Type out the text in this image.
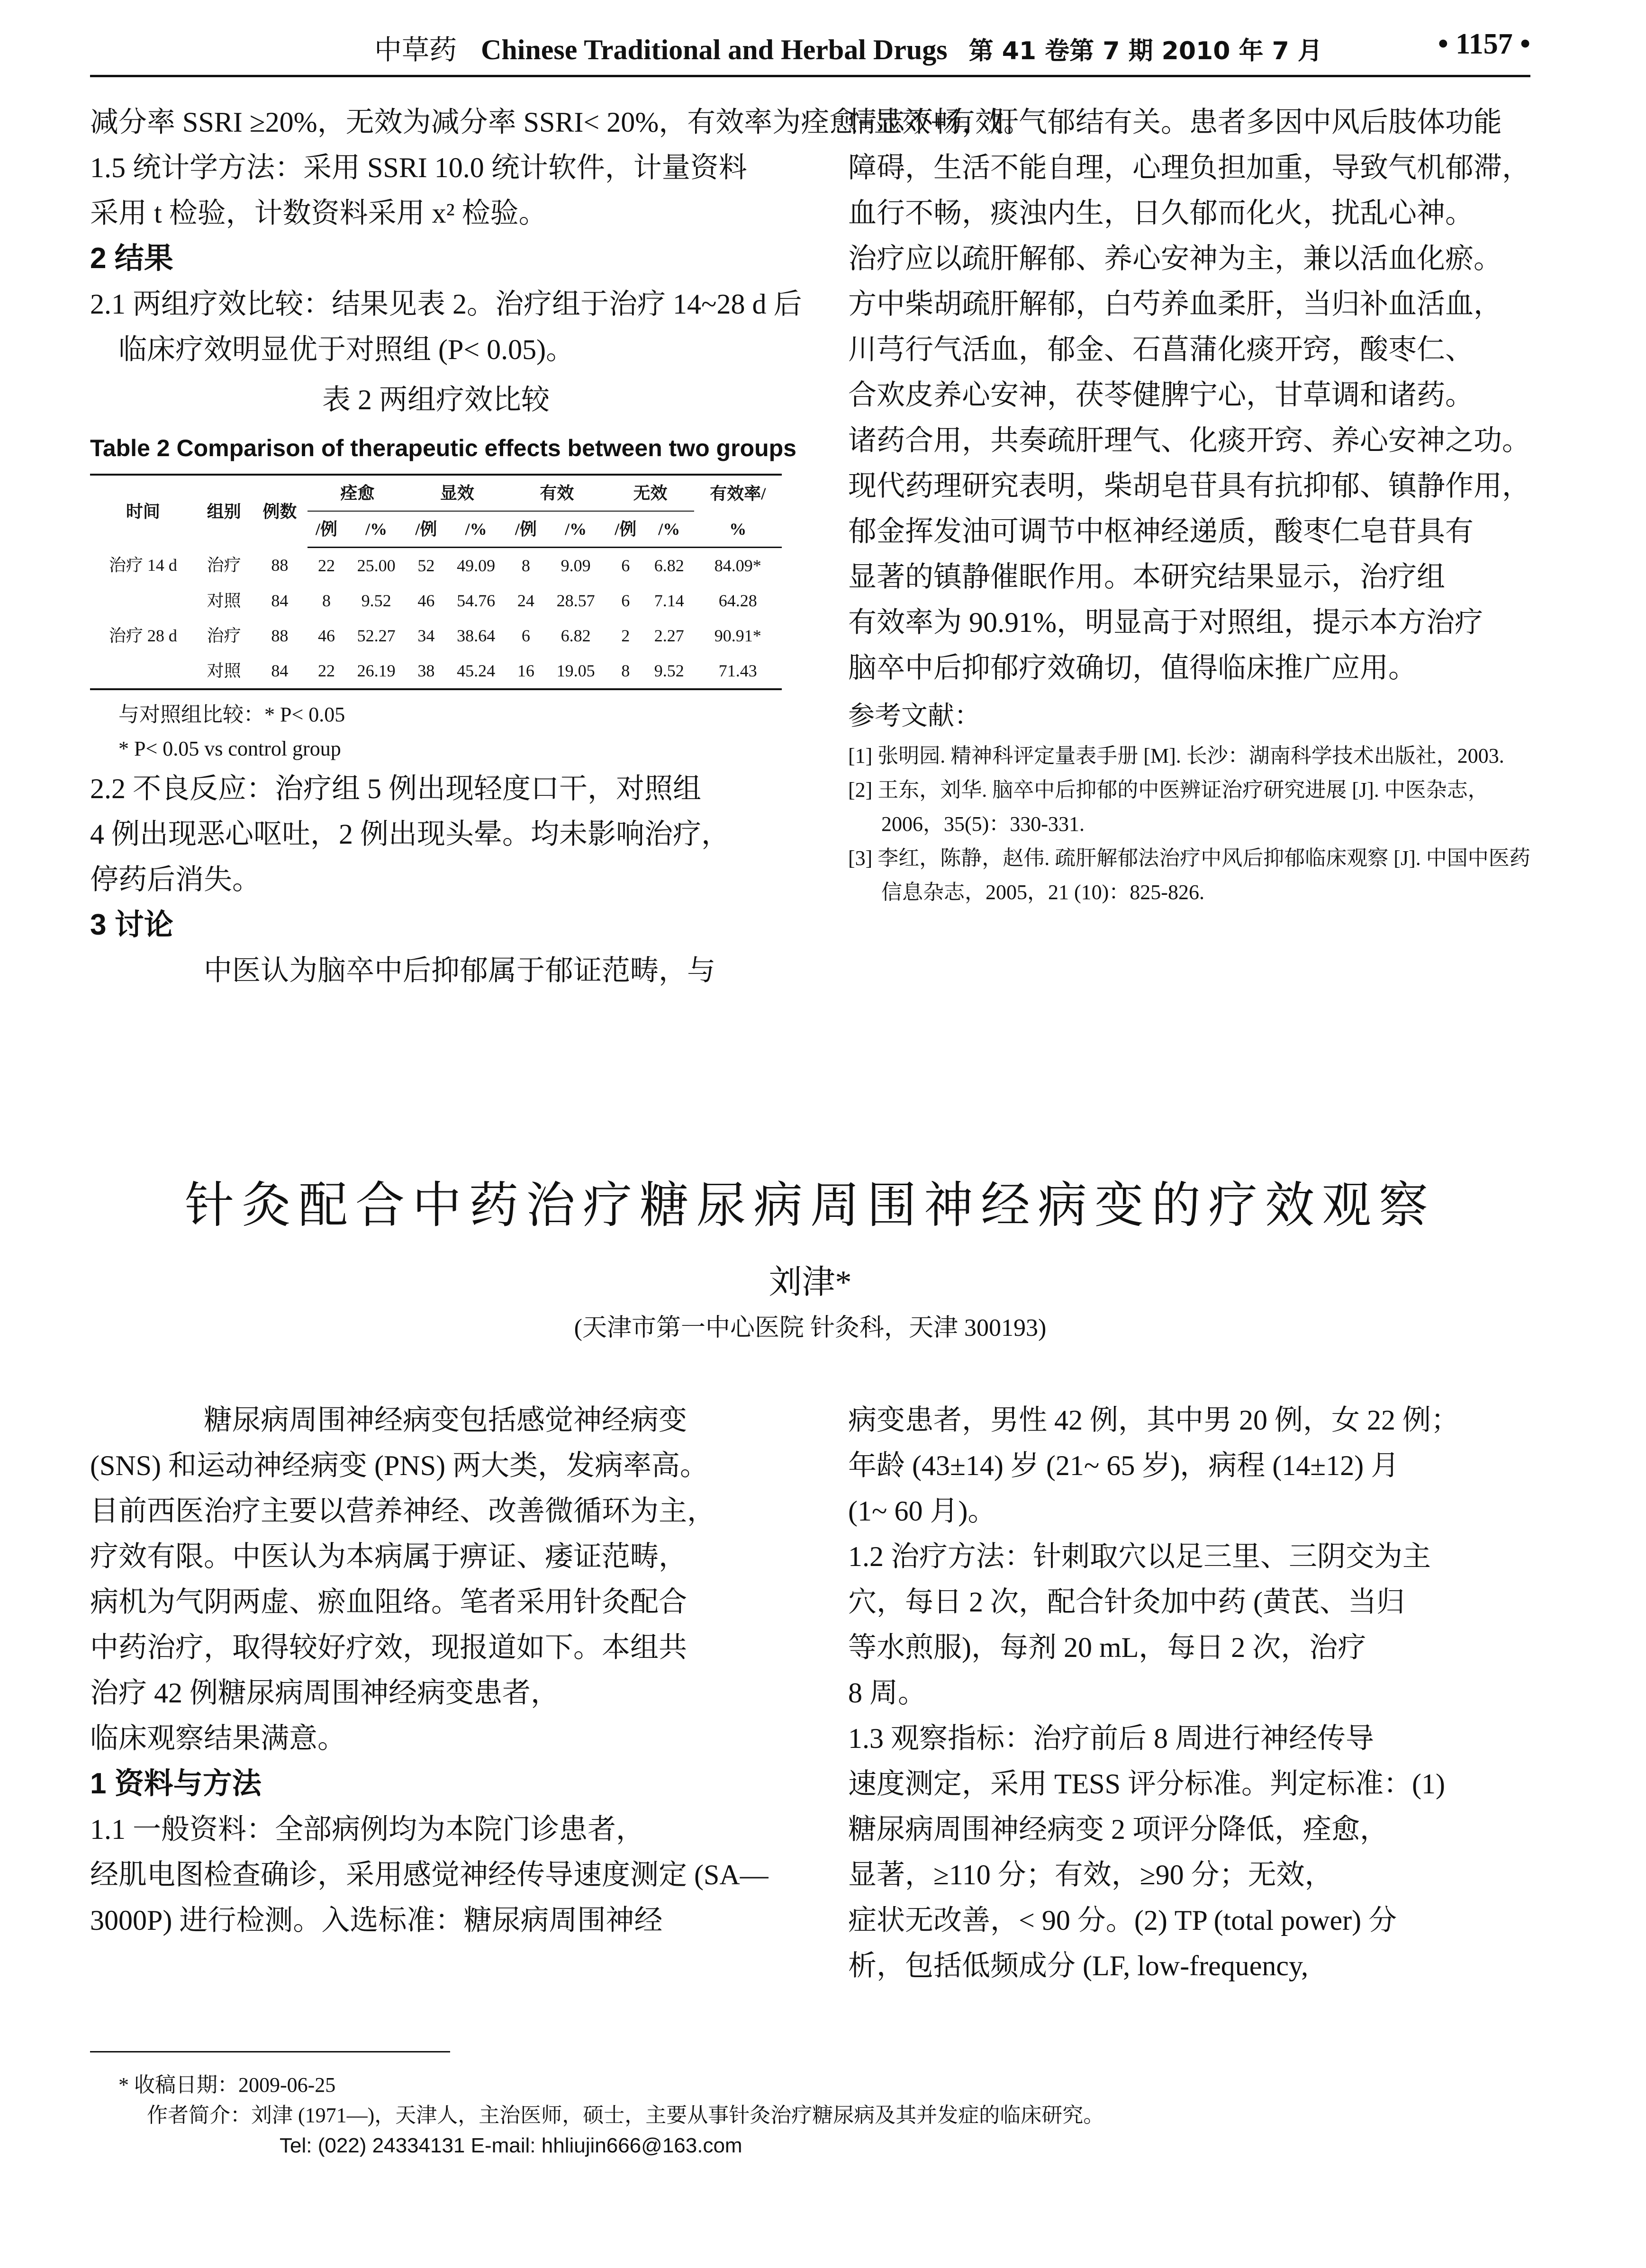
中草药 Chinese Traditional and Herbal Drugs 第 41 卷第 7 期 2010 年 7 月	• 1157 •
减分率 SSRI ≥20%，无效为减分率 SSRI< 20%，有效率为痊愈+显效+有效。
1.5 统计学方法：采用 SSRI 10.0 统计软件，计量资料
采用 t 检验，计数资料采用 x² 检验。
2 结果
2.1 两组疗效比较：结果见表 2。治疗组于治疗 14~28 d 后
临床疗效明显优于对照组 (P< 0.05)。
表 2 两组疗效比较
Table 2 Comparison of therapeutic effects between two groups
时间	组别	例数	痊愈		显效		有效		无效		有效率/
			/例	/%	/例	/%	/例	/%	/例	/%	%
治疗 14 d	治疗	88	22	25.00	52	49.09	8	9.09	6	6.82	84.09*
	对照	84	8	9.52	46	54.76	24	28.57	6	7.14	64.28
治疗 28 d	治疗	88	46	52.27	34	38.64	6	6.82	2	2.27	90.91*
	对照	84	22	26.19	38	45.24	16	19.05	8	9.52	71.43
与对照组比较：* P< 0.05
* P< 0.05 vs control group
2.2 不良反应：治疗组 5 例出现轻度口干，对照组
4 例出现恶心呕吐，2 例出现头晕。均未影响治疗，
停药后消失。
3 讨论
中医认为脑卒中后抑郁属于郁证范畴，与
情志不畅，肝气郁结有关。患者多因中风后肢体功能
障碍，生活不能自理，心理负担加重，导致气机郁滞，
血行不畅，痰浊内生，日久郁而化火，扰乱心神。
治疗应以疏肝解郁、养心安神为主，兼以活血化瘀。
方中柴胡疏肝解郁，白芍养血柔肝，当归补血活血，
川芎行气活血，郁金、石菖蒲化痰开窍，酸枣仁、
合欢皮养心安神，茯苓健脾宁心，甘草调和诸药。
诸药合用，共奏疏肝理气、化痰开窍、养心安神之功。
现代药理研究表明，柴胡皂苷具有抗抑郁、镇静作用，
郁金挥发油可调节中枢神经递质，酸枣仁皂苷具有
显著的镇静催眠作用。本研究结果显示，治疗组
有效率为 90.91%，明显高于对照组，提示本方治疗
脑卒中后抑郁疗效确切，值得临床推广应用。
参考文献：
[1] 张明园. 精神科评定量表手册 [M]. 长沙：湖南科学技术出版社，2003.
[2] 王东，刘华. 脑卒中后抑郁的中医辨证治疗研究进展 [J]. 中医杂志，2006，35(5)：330-331.
[3] 李红，陈静，赵伟. 疏肝解郁法治疗中风后抑郁临床观察 [J]. 中国中医药信息杂志，2005，21 (10)：825-826.
针灸配合中药治疗糖尿病周围神经病变的疗效观察
刘津*
(天津市第一中心医院 针灸科，天津 300193)
糖尿病周围神经病变包括感觉神经病变
(SNS) 和运动神经病变 (PNS) 两大类，发病率高。
目前西医治疗主要以营养神经、改善微循环为主，
疗效有限。中医认为本病属于痹证、痿证范畴，
病机为气阴两虚、瘀血阻络。笔者采用针灸配合
中药治疗，取得较好疗效，现报道如下。本组共
治疗 42 例糖尿病周围神经病变患者，
临床观察结果满意。
1 资料与方法
1.1 一般资料：全部病例均为本院门诊患者，
经肌电图检查确诊，采用感觉神经传导速度测定 (SA—
3000P) 进行检测。入选标准：糖尿病周围神经
病变患者，男性 42 例，其中男 20 例，女 22 例；
年龄 (43±14) 岁 (21~ 65 岁)，病程 (14±12) 月
(1~ 60 月)。
1.2 治疗方法：针刺取穴以足三里、三阴交为主
穴，每日 2 次，配合针灸加中药 (黄芪、当归
等水煎服)，每剂 20 mL，每日 2 次，治疗
8 周。
1.3 观察指标：治疗前后 8 周进行神经传导
速度测定，采用 TESS 评分标准。判定标准：(1)
糖尿病周围神经病变 2 项评分降低，痊愈，
显著，≥110 分；有效，≥90 分；无效，
症状无改善，< 90 分。(2) TP (total power) 分
析，包括低频成分 (LF, low-frequency,
* 收稿日期：2009-06-25
作者简介：刘津 (1971—)，天津人，主治医师，硕士，主要从事针灸治疗糖尿病及其并发症的临床研究。
Tel: (022) 24334131 E-mail: hhliujin666@163.com
